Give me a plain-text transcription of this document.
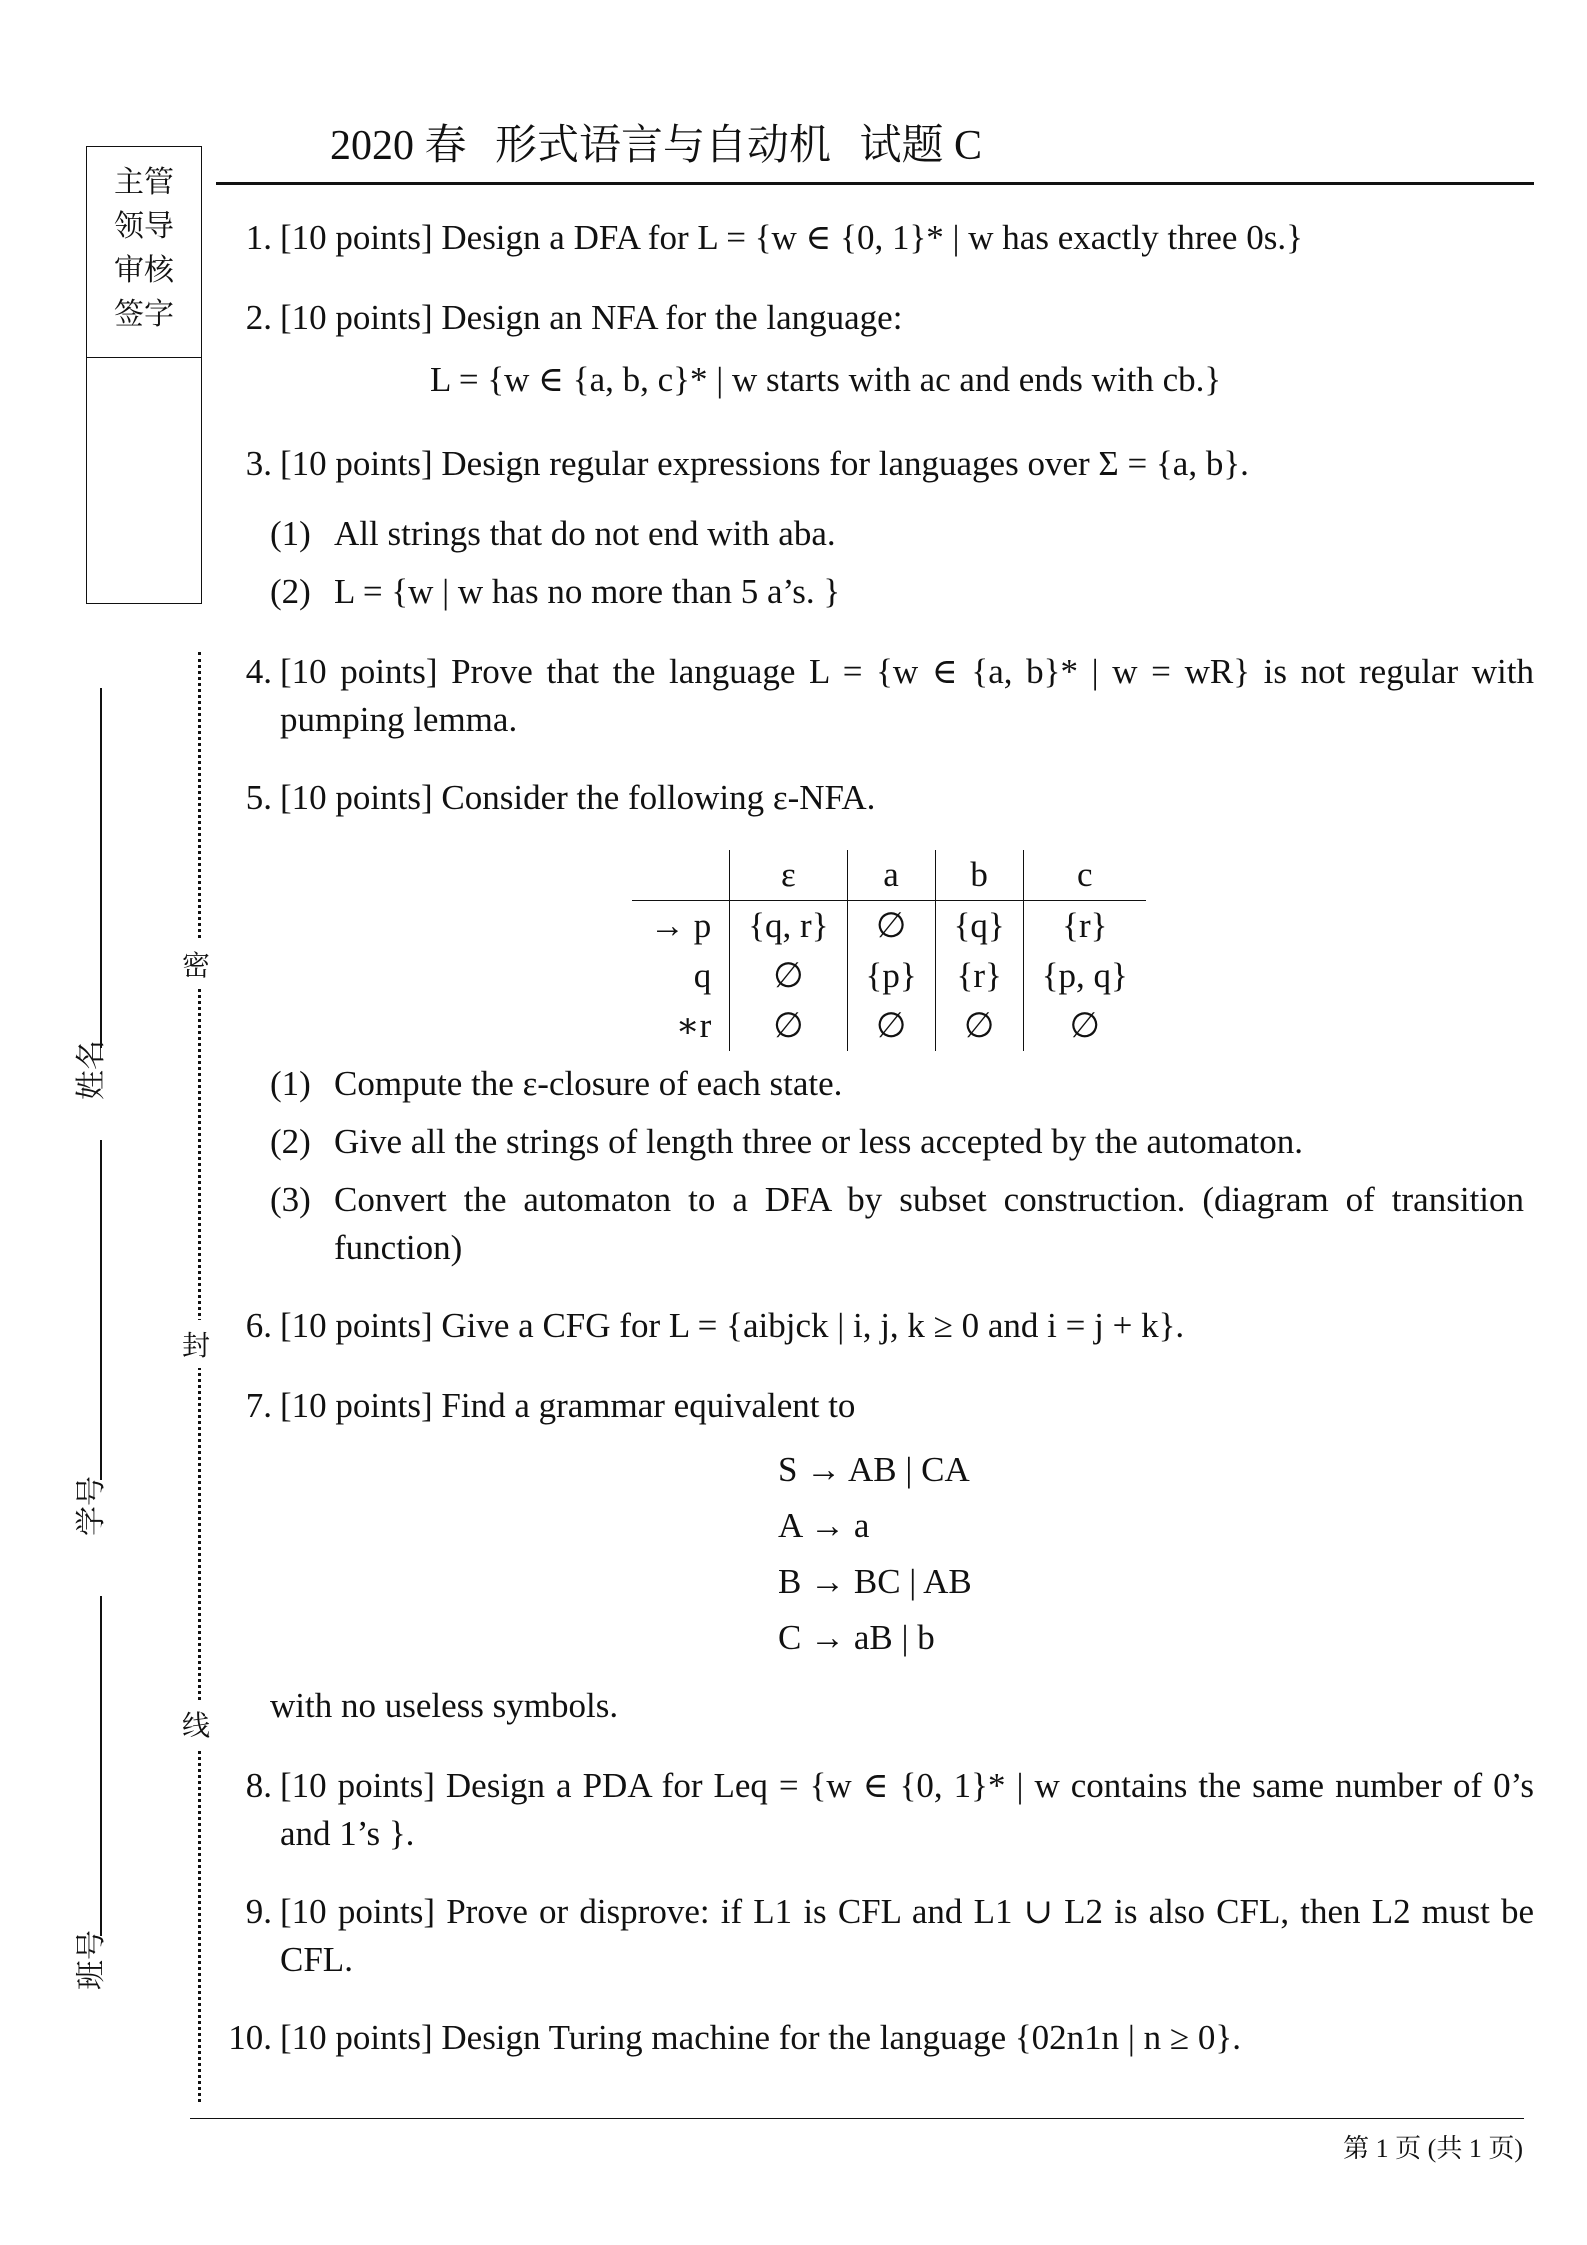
2020 春 形式语言与自动机 试题 C
主管
领导
审核
签字
密
封
线
姓名
学号
班号
1. [10 points] Design a DFA for L = {w ∈ {0, 1}* | w has exactly three 0s.}
2. [10 points] Design an NFA for the language:
L = {w ∈ {a, b, c}* | w starts with ac and ends with cb.}
3. [10 points] Design regular expressions for languages over Σ = {a, b}.
(1) All strings that do not end with aba.
(2) L = {w | w has no more than 5 a’s. }
4. [10 points] Prove that the language L = {w ∈ {a, b}* | w = wR} is not regular with pumping lemma.
5. [10 points] Consider the following ε-NFA.
	ε	a	b	c
→ p	{q, r}	∅	{q}	{r}
q	∅	{p}	{r}	{p, q}
∗r	∅	∅	∅	∅
(1) Compute the ε-closure of each state.
(2) Give all the strings of length three or less accepted by the automaton.
(3) Convert the automaton to a DFA by subset construction. (diagram of transition function)
6. [10 points] Give a CFG for L = {aibjck | i, j, k ≥ 0 and i = j + k}.
7. [10 points] Find a grammar equivalent to
S → AB | CA
A → a
B → BC | AB
C → aB | b
with no useless symbols.
8. [10 points] Design a PDA for Leq = {w ∈ {0, 1}* | w contains the same number of 0’s and 1’s }.
9. [10 points] Prove or disprove: if L1 is CFL and L1 ∪ L2 is also CFL, then L2 must be CFL.
10. [10 points] Design Turing machine for the language {02n1n | n ≥ 0}.
第 1 页 (共 1 页)
